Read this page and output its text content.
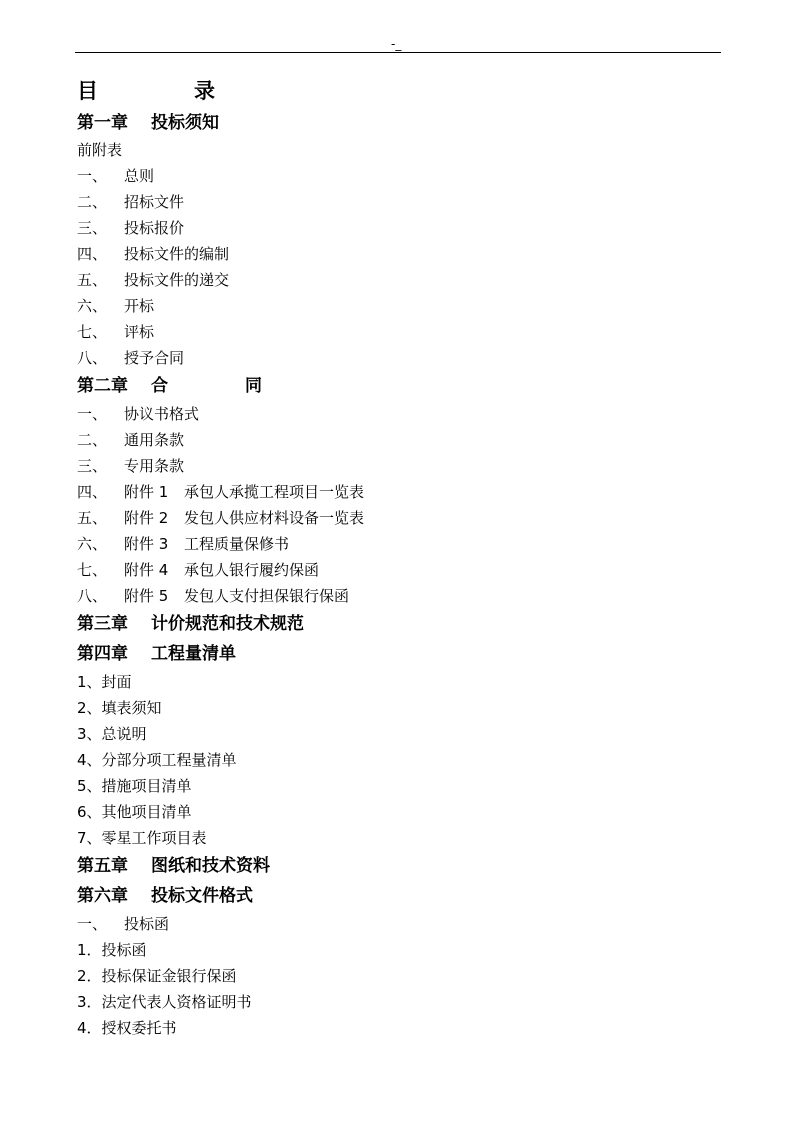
-_
目	录
第一章 投标须知
前附表
一、 总则
二、 招标文件
三、 投标报价
四、 投标文件的编制
五、 投标文件的递交
六、 开标
七、 评标
八、 授予合同
第二章 合	同
一、 协议书格式
二、 通用条款
三、 专用条款
四、 附件 1 承包人承揽工程项目一览表
五、 附件 2 发包人供应材料设备一览表
六、 附件 3 工程质量保修书
七、 附件 4 承包人银行履约保函
八、 附件 5 发包人支付担保银行保函
第三章 计价规范和技术规范
第四章 工程量清单
1、封面
2、填表须知
3、总说明
4、分部分项工程量清单
5、措施项目清单
6、其他项目清单
7、零星工作项目表
第五章 图纸和技术资料
第六章 投标文件格式
一、 投标函
1．投标函
2．投标保证金银行保函
3．法定代表人资格证明书
4．授权委托书
